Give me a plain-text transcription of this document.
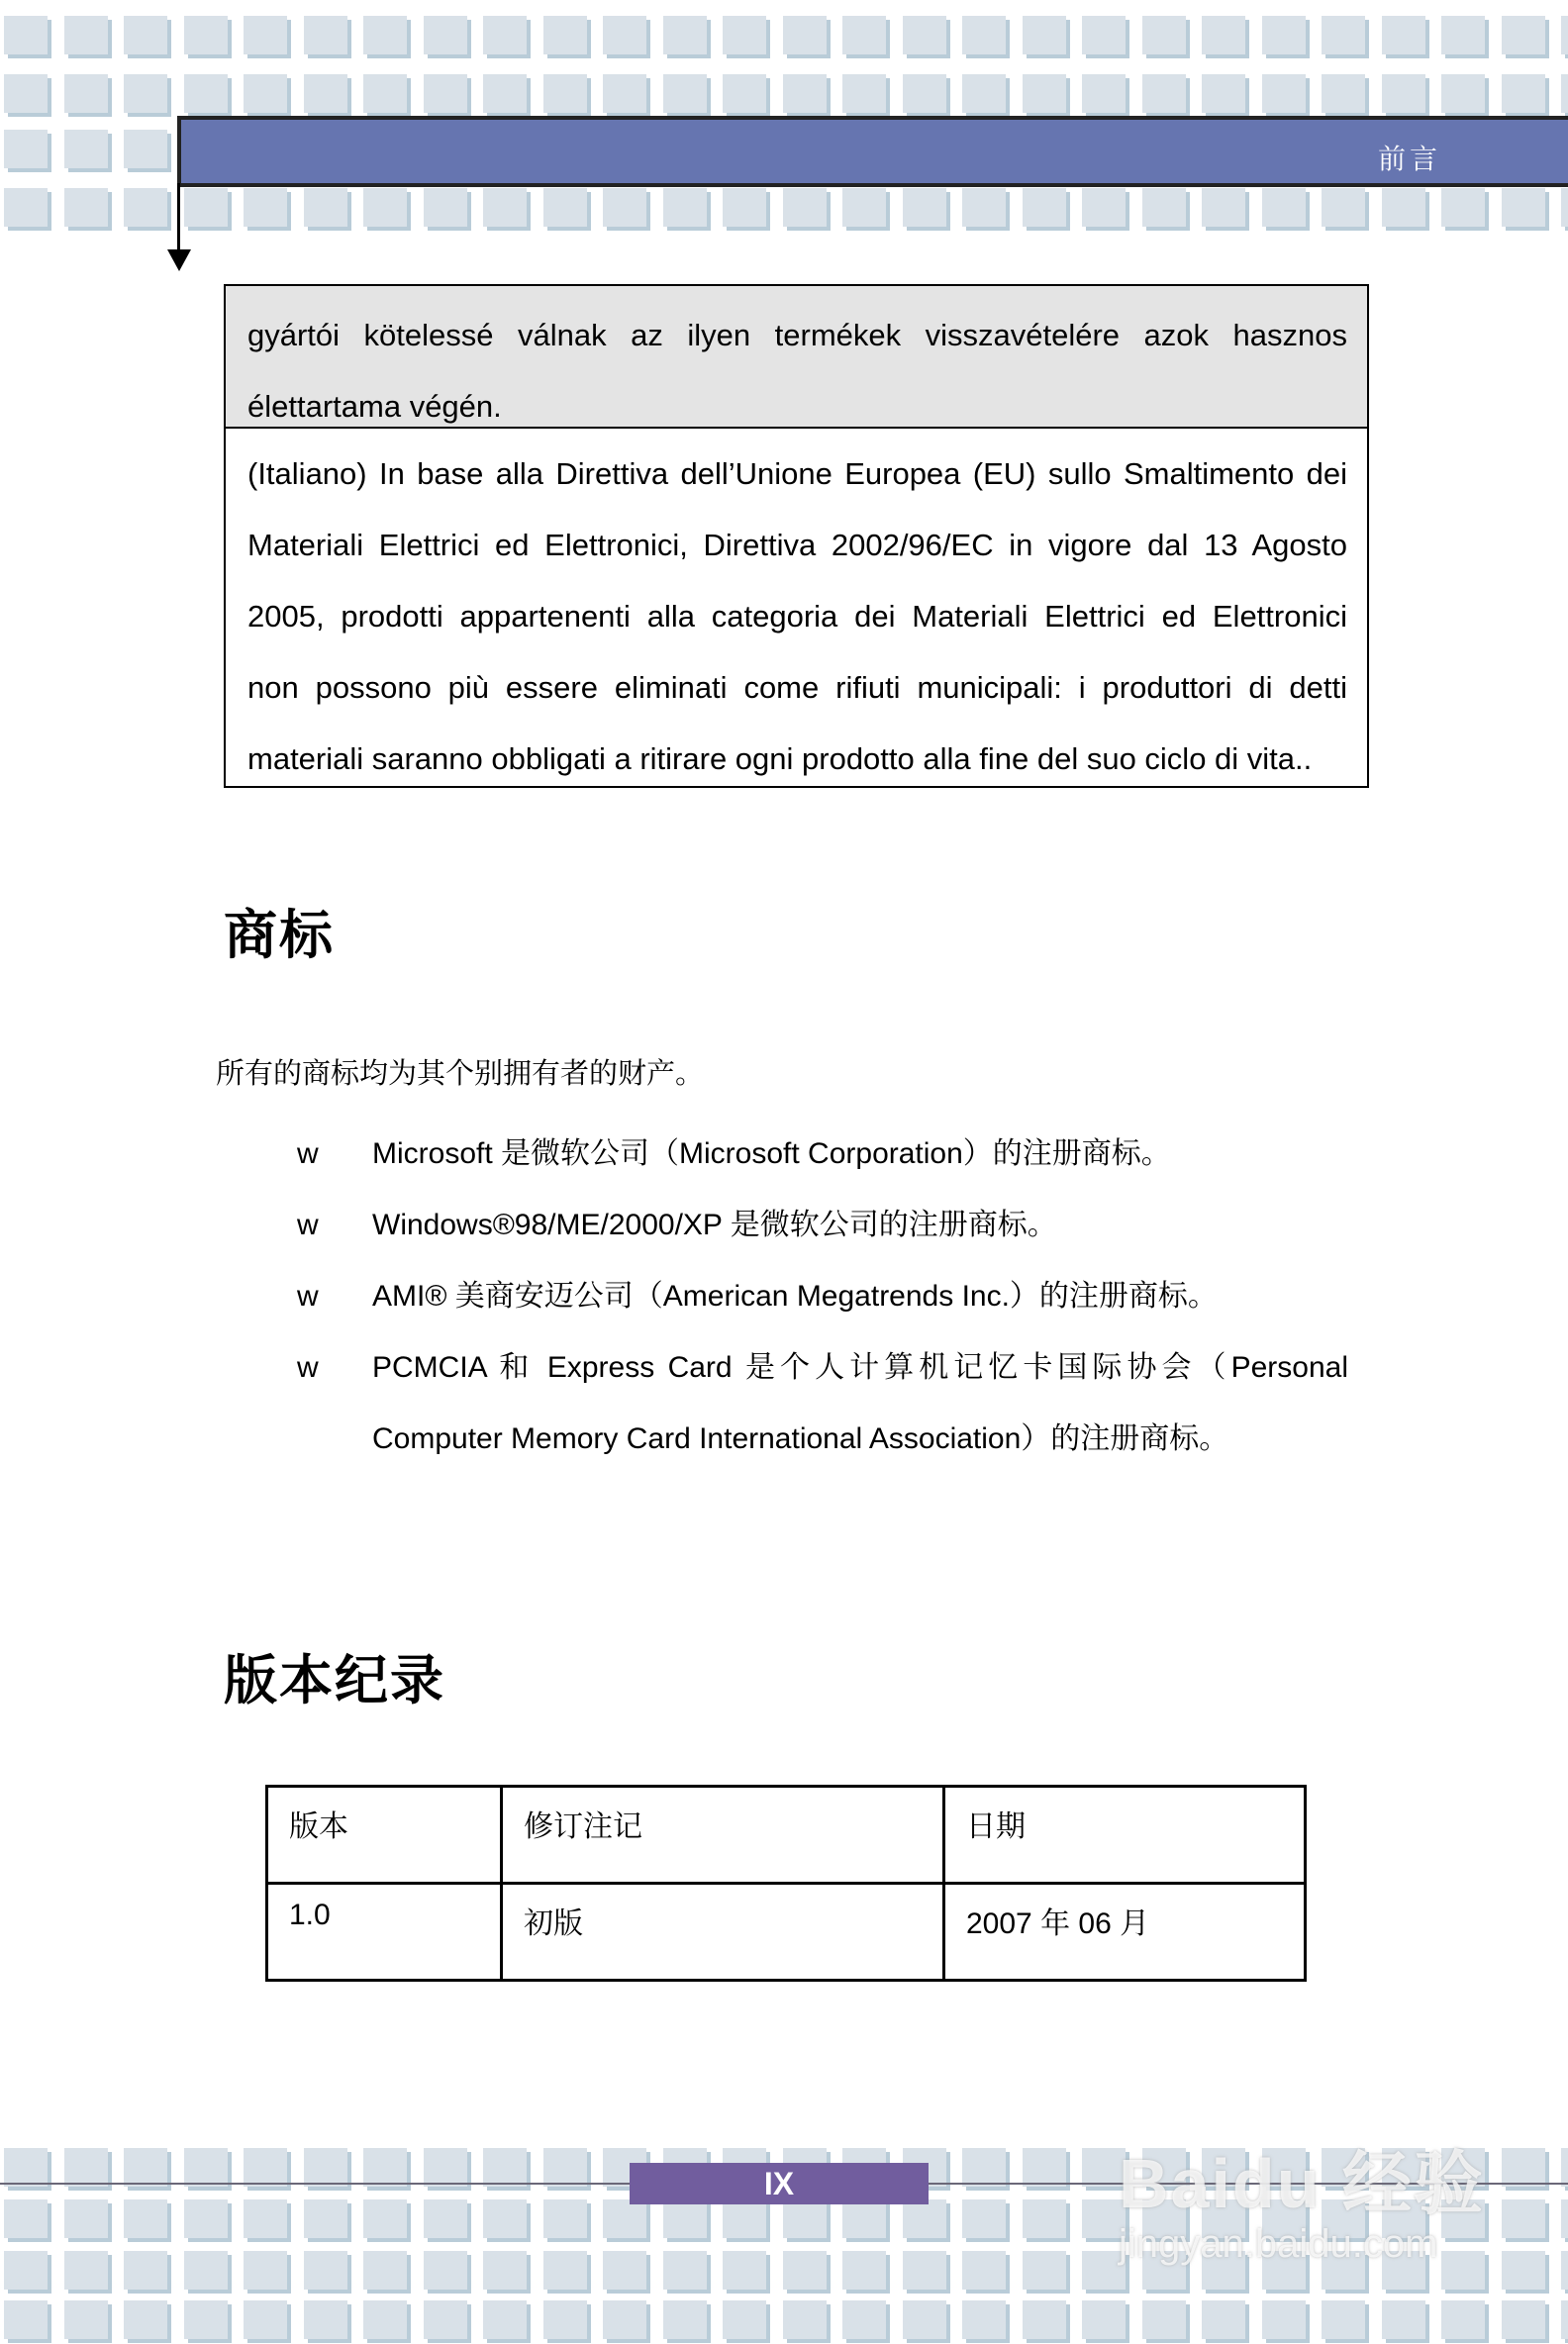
前言
gyártói kötelessé válnak az ilyen termékek visszavételére azok hasznos
élettartama végén.
(Italiano) In base alla Direttiva dell’Unione Europea (EU) sullo Smaltimento dei
Materiali Elettrici ed Elettronici, Direttiva 2002/96/EC in vigore dal 13 Agosto
2005, prodotti appartenenti alla categoria dei Materiali Elettrici ed Elettronici
non possono più essere eliminati come rifiuti municipali: i produttori di detti
materiali saranno obbligati a ritirare ogni prodotto alla fine del suo ciclo di vita..
商标

所有的商标均为其个别拥有者的财产。

w Microsoft 是微软公司（Microsoft Corporation）的注册商标。
w Windows®98/ME/2000/XP 是微软公司的注册商标。
w AMI® 美商安迈公司（American Megatrends Inc.）的注册商标。
w PCMCIA 和 Express Card 是个人计算机记忆卡国际协会（Personal
Computer Memory Card International Association）的注册商标。
版本纪录
版本	修订注记	日期
1.0	初版	2007 年 06 月
IX	Baidu 经验
jingyan.baidu.com
